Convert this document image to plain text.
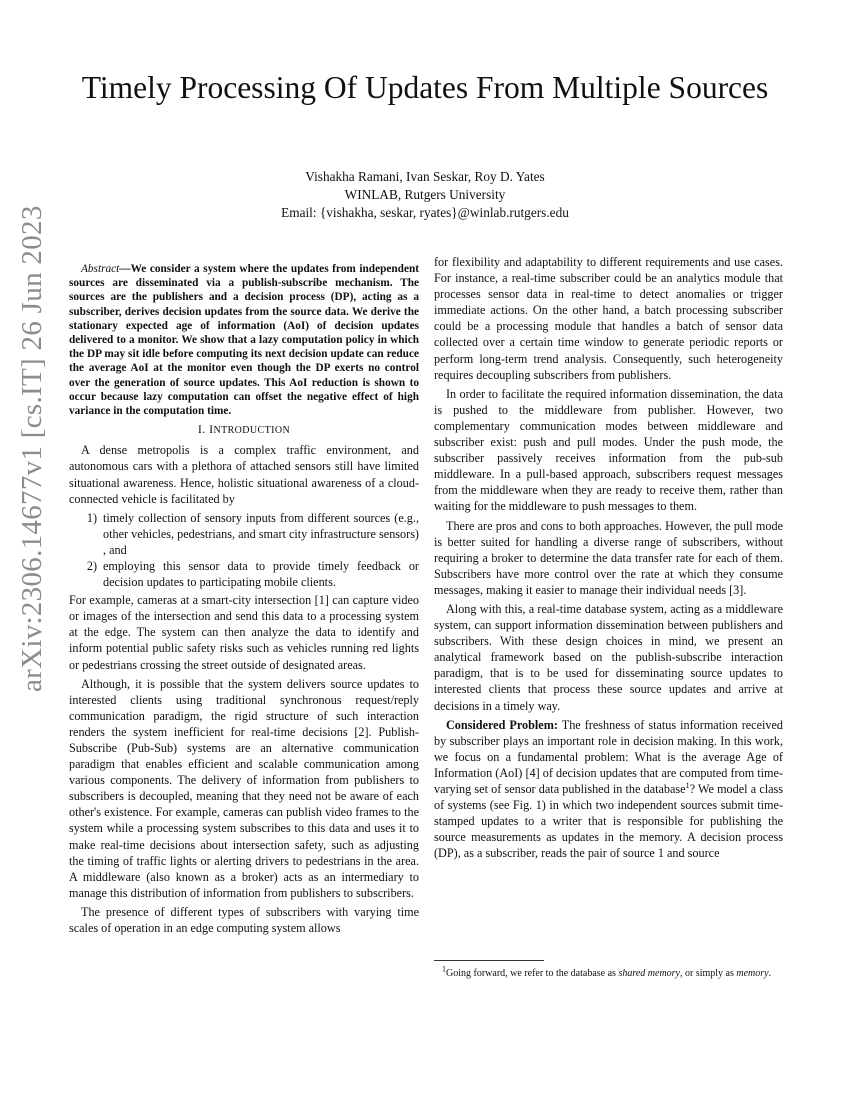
arXiv:2306.14677v1 [cs.IT] 26 Jun 2023
Timely Processing Of Updates From Multiple Sources
Vishakha Ramani, Ivan Seskar, Roy D. Yates
WINLAB, Rutgers University
Email: {vishakha, seskar, ryates}@winlab.rutgers.edu

Abstract—We consider a system where the updates from independent sources are disseminated via a publish-subscribe mechanism. The sources are the publishers and a decision process (DP), acting as a subscriber, derives decision updates from the source data. We derive the stationary expected age of information (AoI) of decision updates delivered to a monitor. We show that a lazy computation policy in which the DP may sit idle before computing its next decision update can reduce the average AoI at the monitor even though the DP exerts no control over the generation of source updates. This AoI reduction is shown to occur because lazy computation can offset the negative effect of high variance in the computation time.

I. INTRODUCTION

A dense metropolis is a complex traffic environment, and autonomous cars with a plethora of attached sensors still have limited situational awareness. Hence, holistic situational awareness of a cloud-connected vehicle is facilitated by

1) timely collection of sensory inputs from different sources (e.g., other vehicles, pedestrians, and smart city infrastructure sensors) , and
2) employing this sensor data to provide timely feedback or decision updates to participating mobile clients.

For example, cameras at a smart-city intersection [1] can capture video or images of the intersection and send this data to a processing system at the edge. The system can then analyze the data to identify and inform potential public safety risks such as vehicles running red lights or pedestrians crossing the street outside of designated areas.

Although, it is possible that the system delivers source updates to interested clients using traditional synchronous request/reply communication paradigm, the rigid structure of such interaction renders the system inefficient for real-time decisions [2]. Publish-Subscribe (Pub-Sub) systems are an alternative communication paradigm that enables efficient and scalable communication among various components. The delivery of information from publishers to subscribers is decoupled, meaning that they need not be aware of each other's existence. For example, cameras can publish video frames to the system while a processing system subscribes to this data and uses it to make real-time decisions about intersection safety, such as adjusting the timing of traffic lights or alerting drivers to pedestrians in the area. A middleware (also known as a broker) acts as an intermediary to manage this distribution of information from publishers to subscribers.

The presence of different types of subscribers with varying time scales of operation in an edge computing system allows

for flexibility and adaptability to different requirements and use cases. For instance, a real-time subscriber could be an analytics module that processes sensor data in real-time to detect anomalies or trigger immediate actions. On the other hand, a batch processing subscriber could be a processing module that handles a batch of sensor data collected over a certain time window to generate periodic reports or perform long-term trend analysis. Consequently, such heterogeneity requires decoupling subscribers from publishers.

In order to facilitate the required information dissemination, the data is pushed to the middleware from publisher. However, two complementary communication modes between middleware and subscriber exist: push and pull modes. Under the push mode, the subscriber passively receives information from the pub-sub middleware. In a pull-based approach, subscribers request messages from the middleware when they are ready to receive them, rather than waiting for the middleware to push messages to them.

There are pros and cons to both approaches. However, the pull mode is better suited for handling a diverse range of subscribers, without requiring a broker to determine the data transfer rate for each of them. Subscribers have more control over the rate at which they consume messages, making it easier to manage their individual needs [3].

Along with this, a real-time database system, acting as a middleware system, can support information dissemination between publishers and subscribers. With these design choices in mind, we present an analytical framework based on the publish-subscribe interaction paradigm, that is to be used for disseminating source updates to interested clients that process these source updates and arrive at decisions in a timely way.

Considered Problem: The freshness of status information received by subscriber plays an important role in decision making. In this work, we focus on a fundamental problem: What is the average Age of Information (AoI) [4] of decision updates that are computed from time-varying set of sensor data published in the database$^1$? We model a class of systems (see Fig. 1) in which two independent sources submit time-stamped updates to a writer that is responsible for publishing the source measurements as updates in the memory. A decision process (DP), as a subscriber, reads the pair of source 1 and source

$^1$Going forward, we refer to the database as shared memory, or simply as memory.
